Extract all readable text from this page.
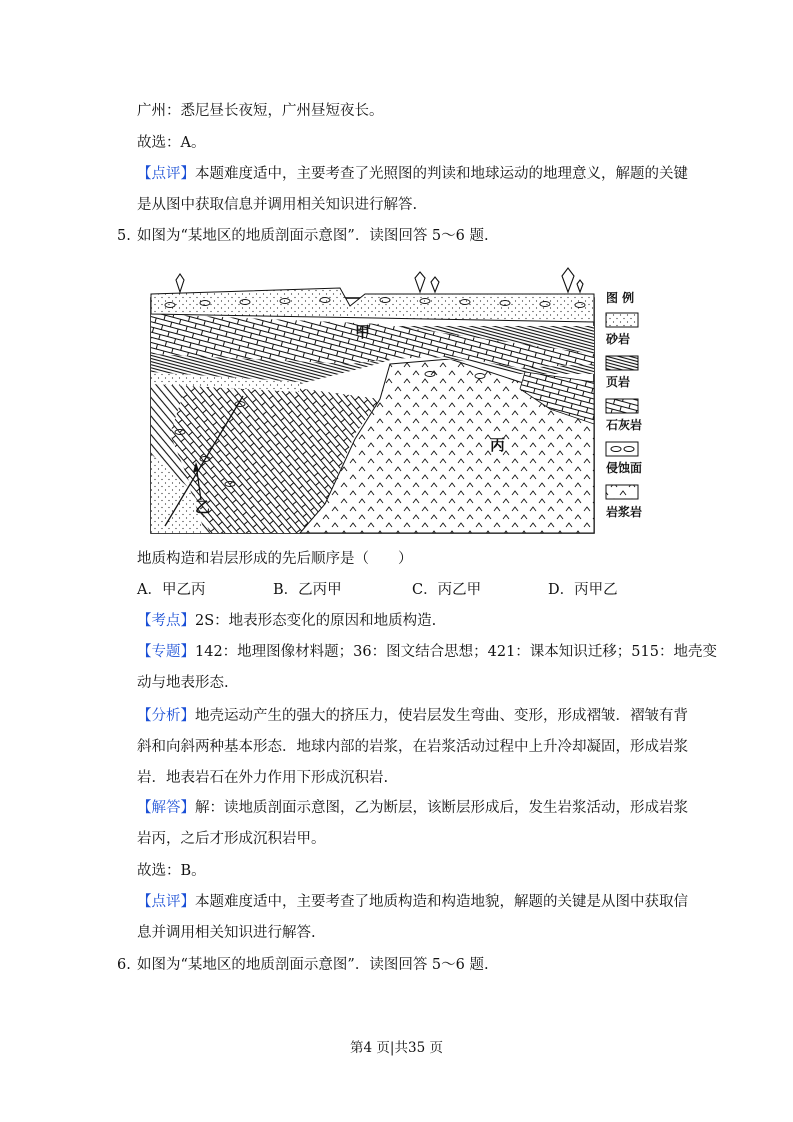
广州：悉尼昼长夜短，广州昼短夜长。
故选：A。
【点评】本题难度适中，主要考查了光照图的判读和地球运动的地理意义，解题的关键
是从图中获取信息并调用相关知识进行解答.
5. 如图为“某地区的地质剖面示意图”．读图回答 5～6 题.
甲
丙
乙
图 例
砂岩
页岩
石灰岩
侵蚀面
岩浆岩
地质构造和岩层形成的先后顺序是（　　）
A．甲乙丙	B．乙丙甲	C．丙乙甲	D．丙甲乙
【考点】2S：地表形态变化的原因和地质构造.
【专题】142：地理图像材料题；36：图文结合思想；421：课本知识迁移；515：地壳变
动与地表形态.
【分析】地壳运动产生的强大的挤压力，使岩层发生弯曲、变形，形成褶皱．褶皱有背
斜和向斜两种基本形态．地球内部的岩浆，在岩浆活动过程中上升冷却凝固，形成岩浆
岩．地表岩石在外力作用下形成沉积岩.
【解答】解：读地质剖面示意图，乙为断层，该断层形成后，发生岩浆活动，形成岩浆
岩丙，之后才形成沉积岩甲。
故选：B。
【点评】本题难度适中，主要考查了地质构造和构造地貌，解题的关键是从图中获取信
息并调用相关知识进行解答.
6. 如图为“某地区的地质剖面示意图”．读图回答 5～6 题.
第4 页|共35 页
